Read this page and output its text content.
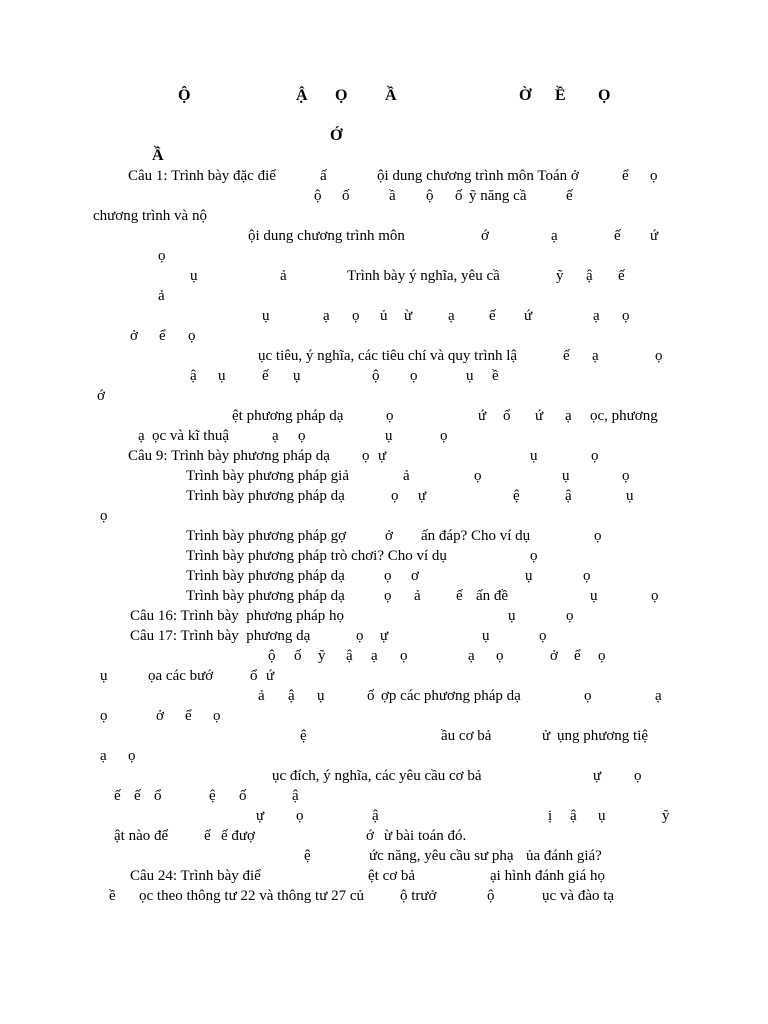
Ộ	Ậ Ọ Ầ	Ờ Ề Ọ
Ớ
Ầ
Câu 1: Trình bày đặc điể	ấ	ội dung chương trình môn Toán ở	ể ọ
ộ ố	ầ ộ ố ỹ năng cầ	ế
chương trình và nộ
ội dung chương trình môn	ớ	ạ	ế ứ
ọ
ụ	ả	Trình bày ý nghĩa, yêu cầ	ỹ ậ ế
ả
ụ	ạ ọ ủ ừ ạ ế ứ	ạ ọ
ở ể ọ
ục tiêu, ý nghĩa, các tiêu chí và quy trình lậ	ế ạ	ọ
ậ ụ ế ụ	ộ ọ	ụ ề
ớ
ệt phương pháp dạ	ọ	ứ ổ ứ ạ ọc, phương
ạ ọc và kĩ thuậ	ạ ọ	ụ	ọ
Câu 9: Trình bày phương pháp dạ ọ ự	ụ	ọ
Trình bày phương pháp giả	ả	ọ	ụ	ọ
Trình bày phương pháp dạ	ọ ự	ệ	ậ	ụ
ọ
Trình bày phương pháp gợ	ở ấn đáp? Cho ví dụ	ọ
Trình bày phương pháp trò chơi? Cho ví dụ	ọ
Trình bày phương pháp dạ	ọ ơ	ụ	ọ
Trình bày phương pháp dạ	ọ ả ế ấn đề	ụ	ọ
Câu 16: Trình bày  phương pháp họ	ụ	ọ
Câu 17: Trình bày  phương dạ	ọ ự	ụ	ọ
ộ ố ỹ ậ ạ ọ	ạ ọ	ở ể ọ
ụ	ọa các bướ ổ ứ
ả ậ ụ	ố ợp các phương pháp dạ	ọ	ạ
ọ	ở ể ọ
ệ	ầu cơ bả	ử ụng phương tiệ
ạ ọ
ục đích, ý nghĩa, các yêu cầu cơ bả	ự ọ
ế ế ổ	ệ ố	ậ
ự ọ	ậ	ị ậ ụ	ỹ
ật nào để ế ế đượ	ớ ừ bài toán đó.
ệ	ức năng, yêu cầu sư phạ ủa đánh giá?
Câu 24: Trình bày điể	ệt cơ bả	ại hình đánh giá họ
ề ọc theo thông tư 22 và thông tư 27 củ ộ trưở	ộ	ục và đào tạ
